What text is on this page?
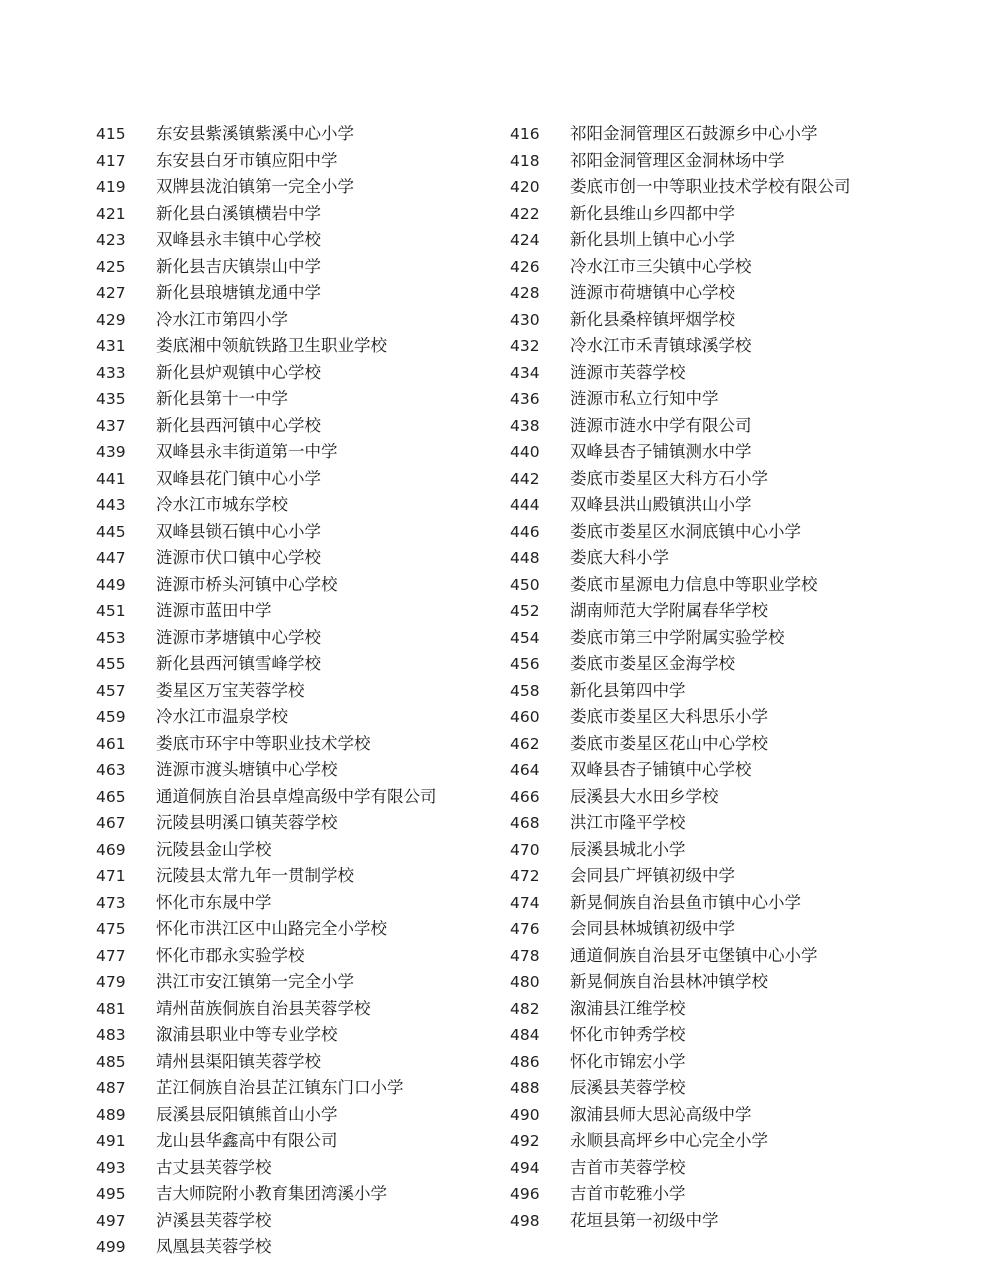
415	东安县紫溪镇紫溪中心小学
417	东安县白牙市镇应阳中学
419	双牌县泷泊镇第一完全小学
421	新化县白溪镇横岩中学
423	双峰县永丰镇中心学校
425	新化县吉庆镇崇山中学
427	新化县琅塘镇龙通中学
429	冷水江市第四小学
431	娄底湘中领航铁路卫生职业学校
433	新化县炉观镇中心学校
435	新化县第十一中学
437	新化县西河镇中心学校
439	双峰县永丰街道第一中学
441	双峰县花门镇中心小学
443	冷水江市城东学校
445	双峰县锁石镇中心小学
447	涟源市伏口镇中心学校
449	涟源市桥头河镇中心学校
451	涟源市蓝田中学
453	涟源市茅塘镇中心学校
455	新化县西河镇雪峰学校
457	娄星区万宝芙蓉学校
459	冷水江市温泉学校
461	娄底市环宇中等职业技术学校
463	涟源市渡头塘镇中心学校
465	通道侗族自治县卓煌高级中学有限公司
467	沅陵县明溪口镇芙蓉学校
469	沅陵县金山学校
471	沅陵县太常九年一贯制学校
473	怀化市东晟中学
475	怀化市洪江区中山路完全小学校
477	怀化市郡永实验学校
479	洪江市安江镇第一完全小学
481	靖州苗族侗族自治县芙蓉学校
483	溆浦县职业中等专业学校
485	靖州县渠阳镇芙蓉学校
487	芷江侗族自治县芷江镇东门口小学
489	辰溪县辰阳镇熊首山小学
491	龙山县华鑫高中有限公司
493	古丈县芙蓉学校
495	吉大师院附小教育集团湾溪小学
497	泸溪县芙蓉学校
499	凤凰县芙蓉学校
416	祁阳金洞管理区石鼓源乡中心小学
418	祁阳金洞管理区金洞林场中学
420	娄底市创一中等职业技术学校有限公司
422	新化县维山乡四都中学
424	新化县圳上镇中心小学
426	冷水江市三尖镇中心学校
428	涟源市荷塘镇中心学校
430	新化县桑梓镇坪烟学校
432	冷水江市禾青镇球溪学校
434	涟源市芙蓉学校
436	涟源市私立行知中学
438	涟源市涟水中学有限公司
440	双峰县杏子铺镇测水中学
442	娄底市娄星区大科方石小学
444	双峰县洪山殿镇洪山小学
446	娄底市娄星区水洞底镇中心小学
448	娄底大科小学
450	娄底市星源电力信息中等职业学校
452	湖南师范大学附属春华学校
454	娄底市第三中学附属实验学校
456	娄底市娄星区金海学校
458	新化县第四中学
460	娄底市娄星区大科思乐小学
462	娄底市娄星区花山中心学校
464	双峰县杏子铺镇中心学校
466	辰溪县大水田乡学校
468	洪江市隆平学校
470	辰溪县城北小学
472	会同县广坪镇初级中学
474	新晃侗族自治县鱼市镇中心小学
476	会同县林城镇初级中学
478	通道侗族自治县牙屯堡镇中心小学
480	新晃侗族自治县林冲镇学校
482	溆浦县江维学校
484	怀化市钟秀学校
486	怀化市锦宏小学
488	辰溪县芙蓉学校
490	溆浦县师大思沁高级中学
492	永顺县高坪乡中心完全小学
494	吉首市芙蓉学校
496	吉首市乾雅小学
498	花垣县第一初级中学
